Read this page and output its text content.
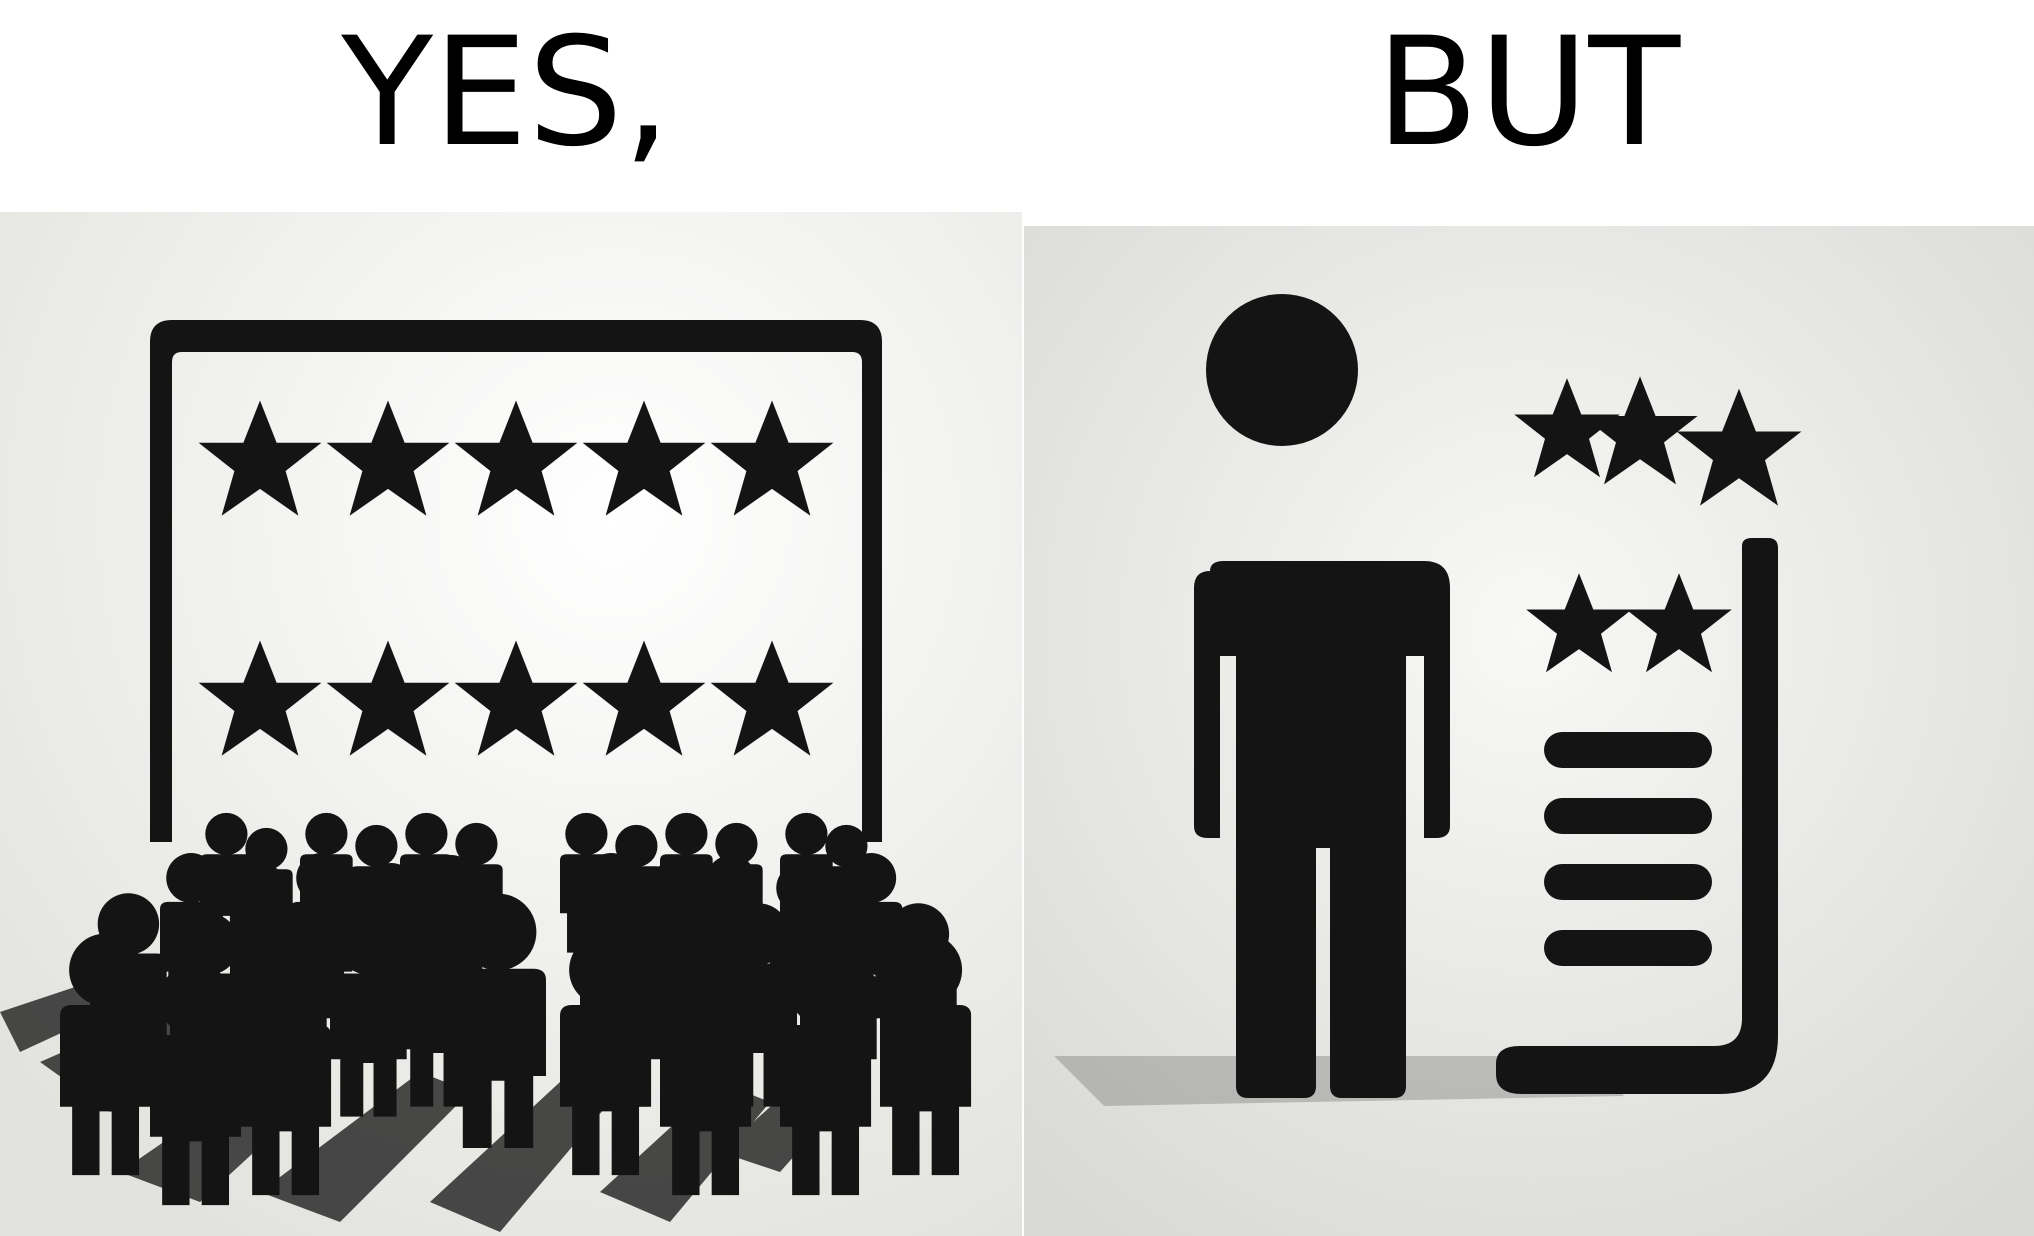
YES,	BUT
